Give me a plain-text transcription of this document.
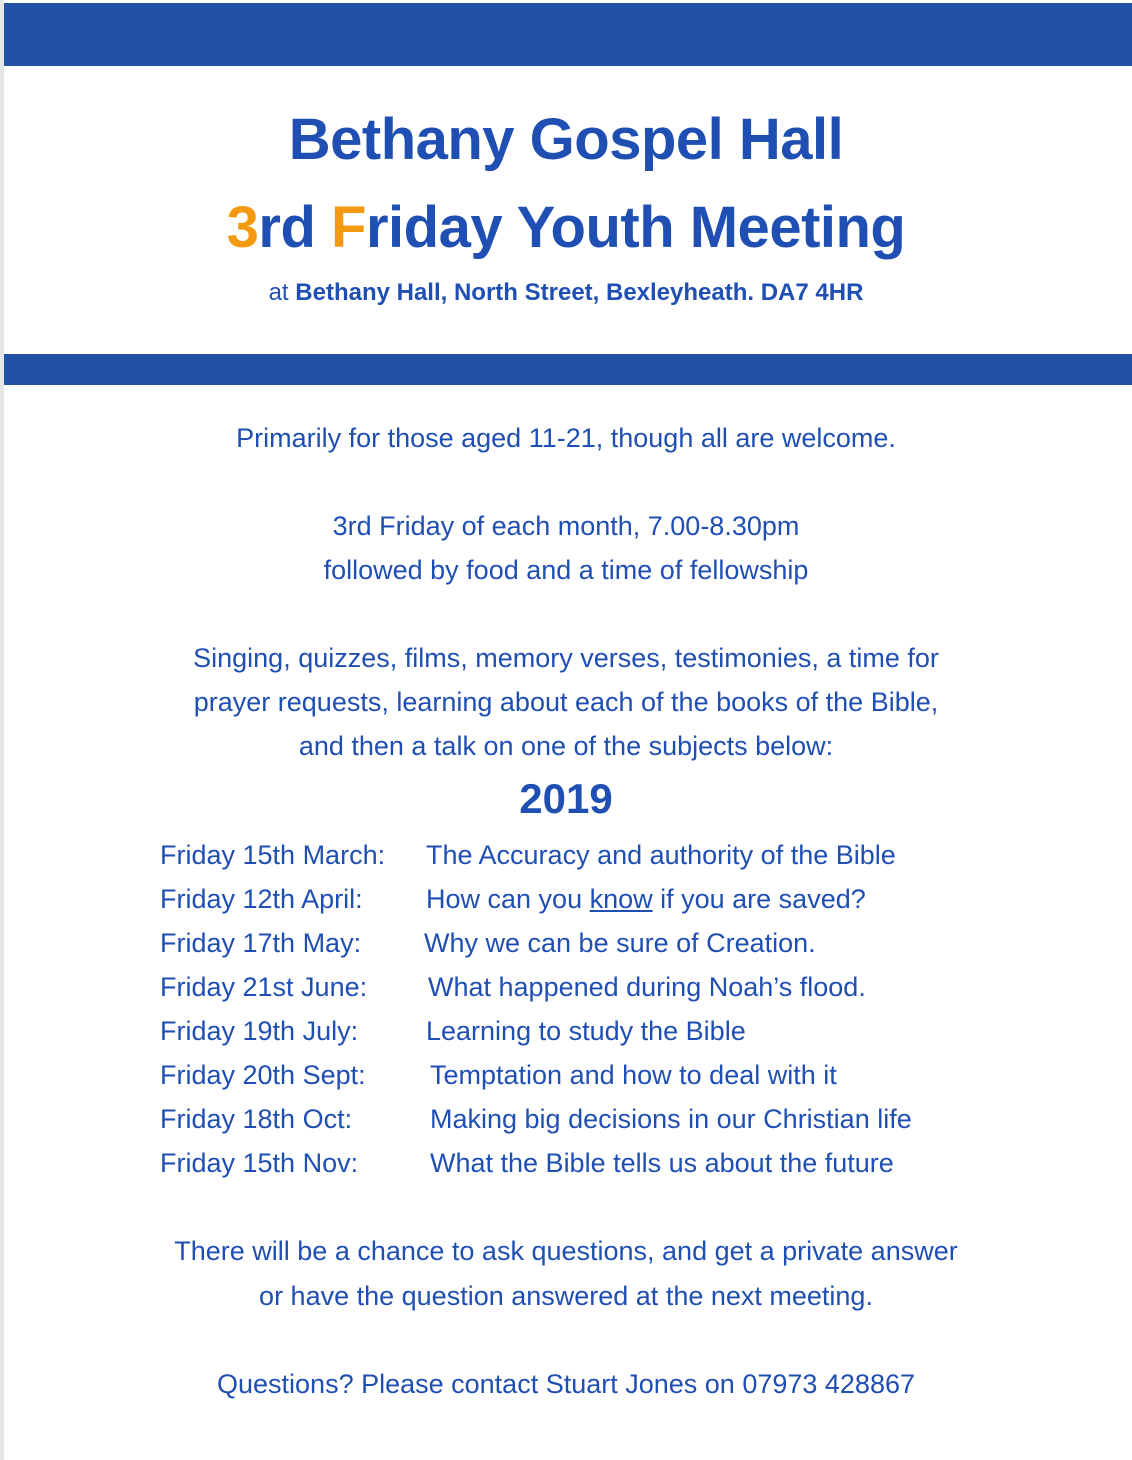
Bethany Gospel Hall
3rd Friday Youth Meeting
at Bethany Hall, North Street, Bexleyheath. DA7 4HR
Primarily for those aged 11-21, though all are welcome.
3rd Friday of each month, 7.00-8.30pm
followed by food and a time of fellowship
Singing, quizzes, films, memory verses, testimonies, a time for
prayer requests, learning about each of the books of the Bible,
and then a talk on one of the subjects below:
2019
Friday 15th March: The Accuracy and authority of the Bible
Friday 12th April: How can you know if you are saved?
Friday 17th May: Why we can be sure of Creation.
Friday 21st June: What happened during Noah’s flood.
Friday 19th July:	Learning to study the Bible
Friday 20th Sept: Temptation and how to deal with it
Friday 18th Oct:	Making big decisions in our Christian life
Friday 15th Nov:	What the Bible tells us about the future
There will be a chance to ask questions, and get a private answer
or have the question answered at the next meeting.
Questions? Please contact Stuart Jones on 07973 428867
